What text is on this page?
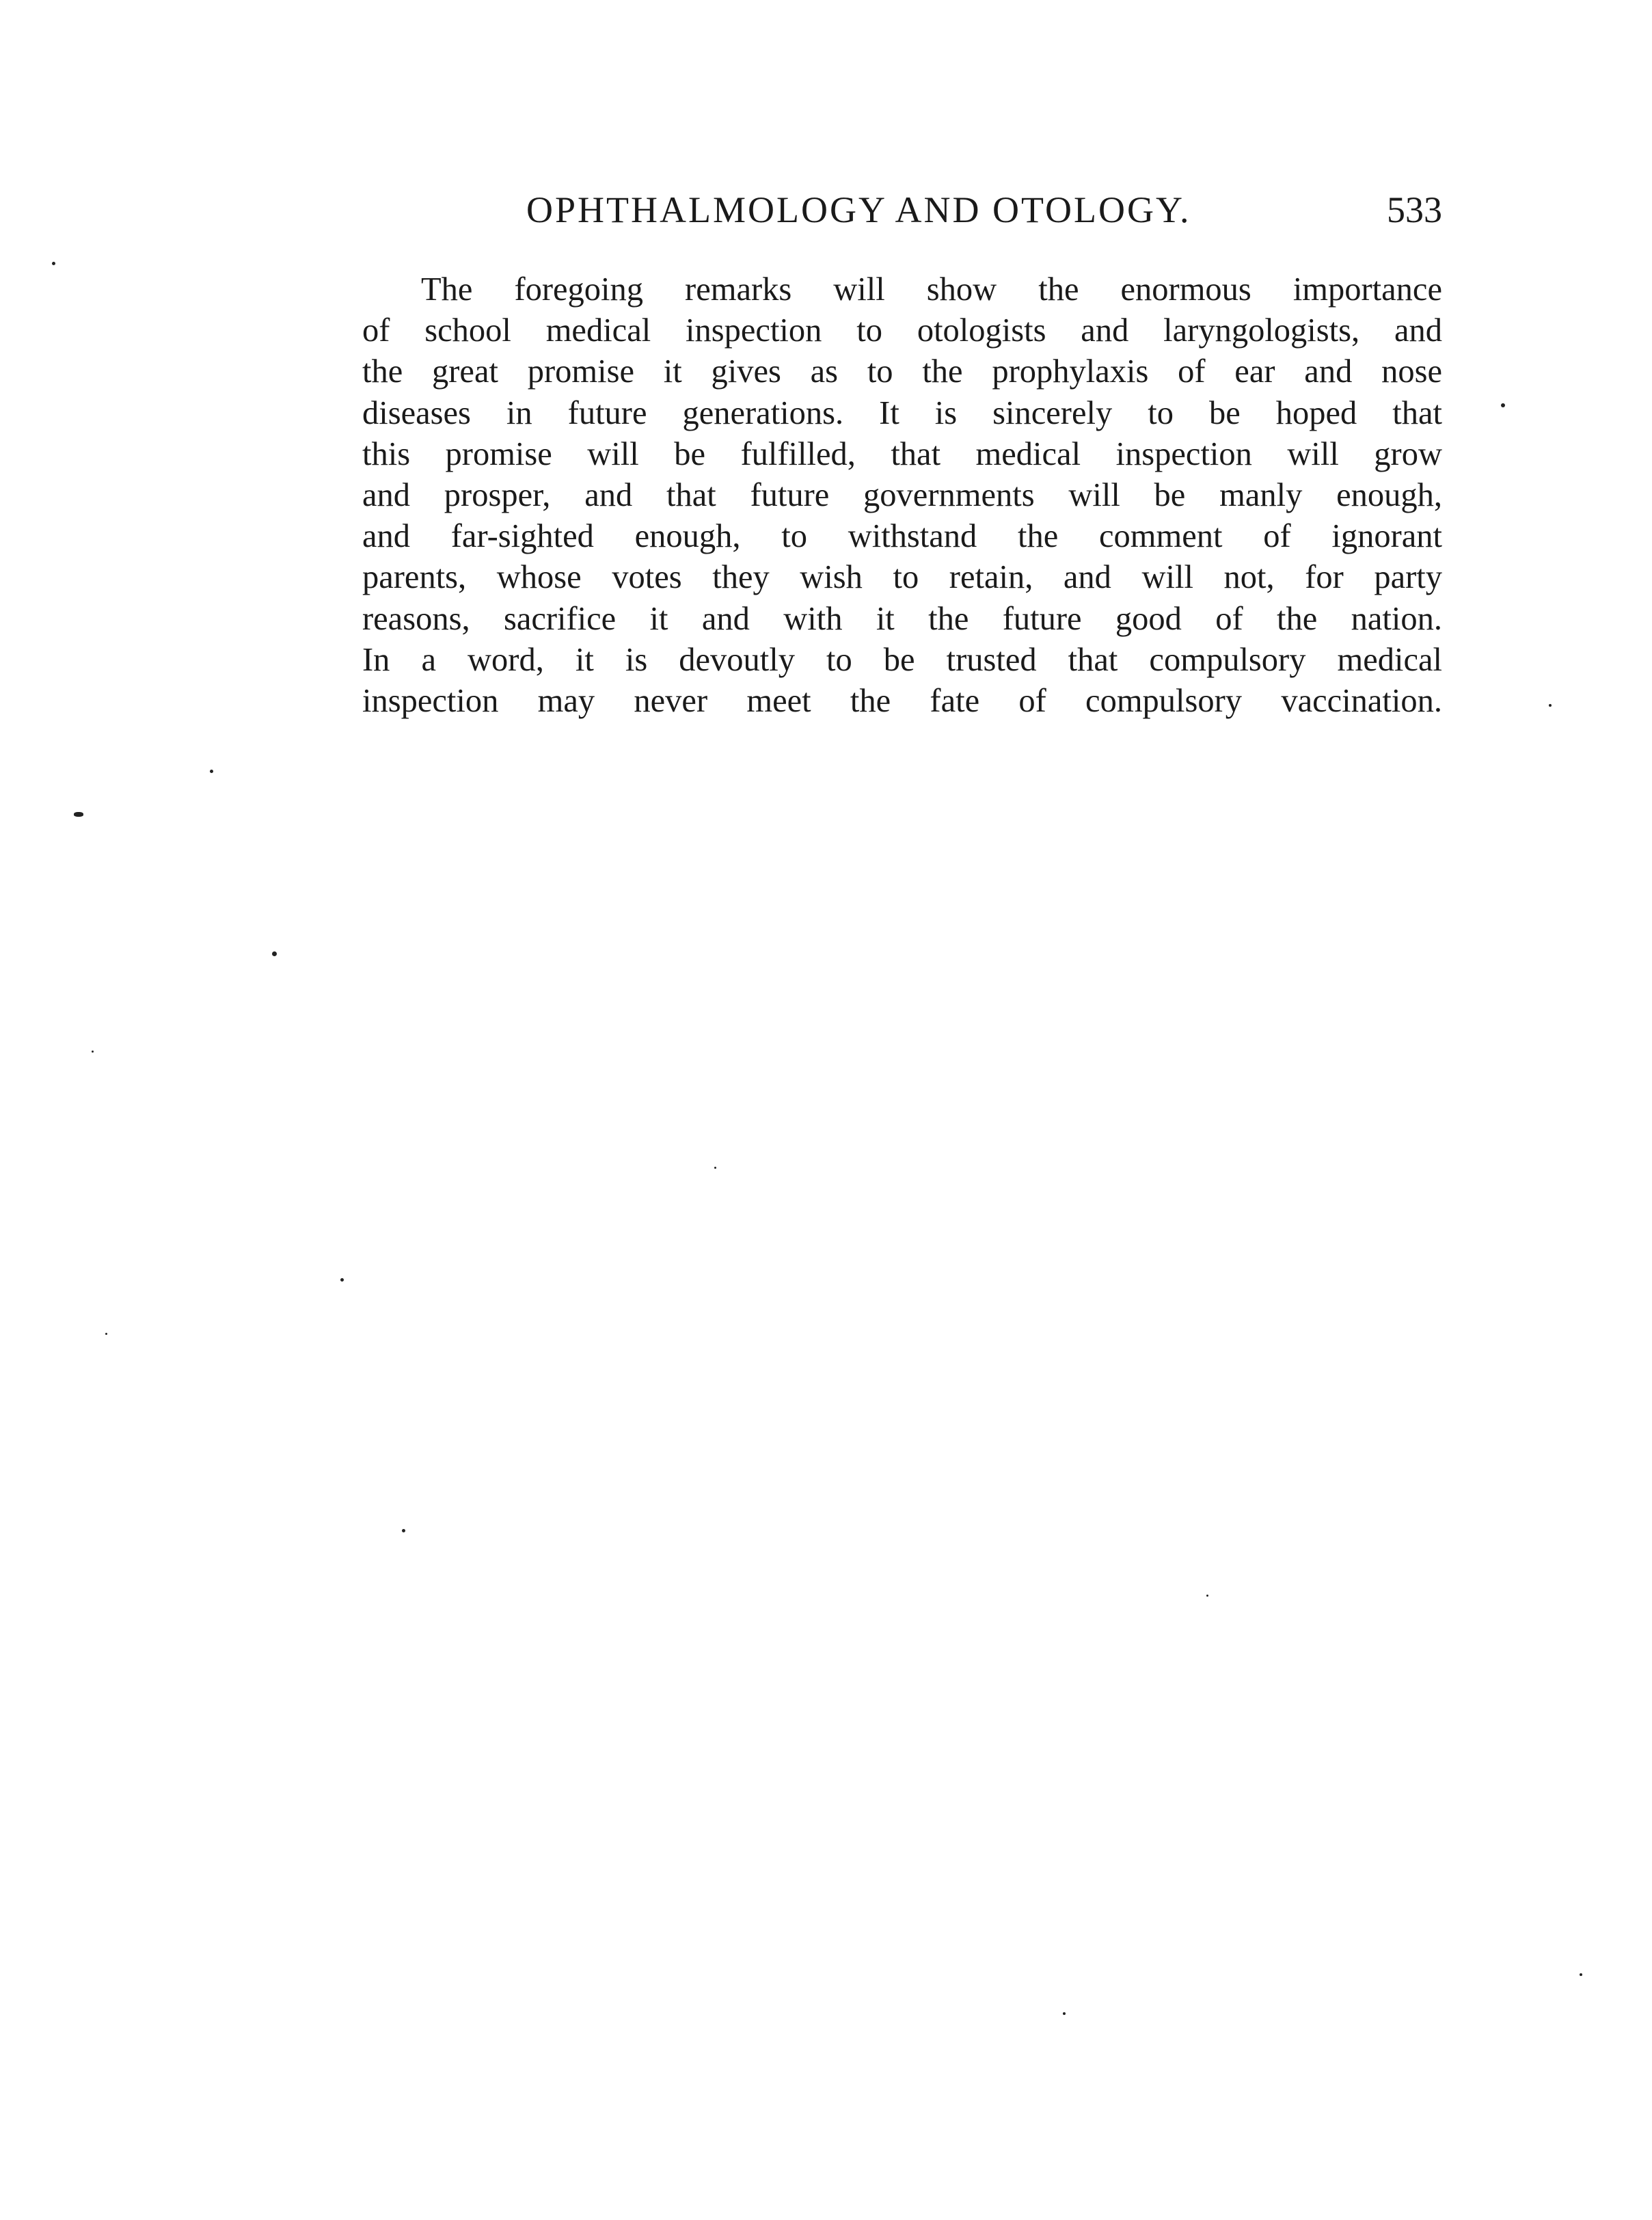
OPHTHALMOLOGY AND OTOLOGY.	533
The foregoing remarks will show the enormous importance
of school medical inspection to otologists and laryngologists, and
the great promise it gives as to the prophylaxis of ear and nose
diseases in future generations. It is sincerely to be hoped that
this promise will be fulfilled, that medical inspection will grow
and prosper, and that future governments will be manly enough,
and far-sighted enough, to withstand the comment of ignorant
parents, whose votes they wish to retain, and will not, for party
reasons, sacrifice it and with it the future good of the nation.
In a word, it is devoutly to be trusted that compulsory medical
inspection may never meet the fate of compulsory vaccination.
